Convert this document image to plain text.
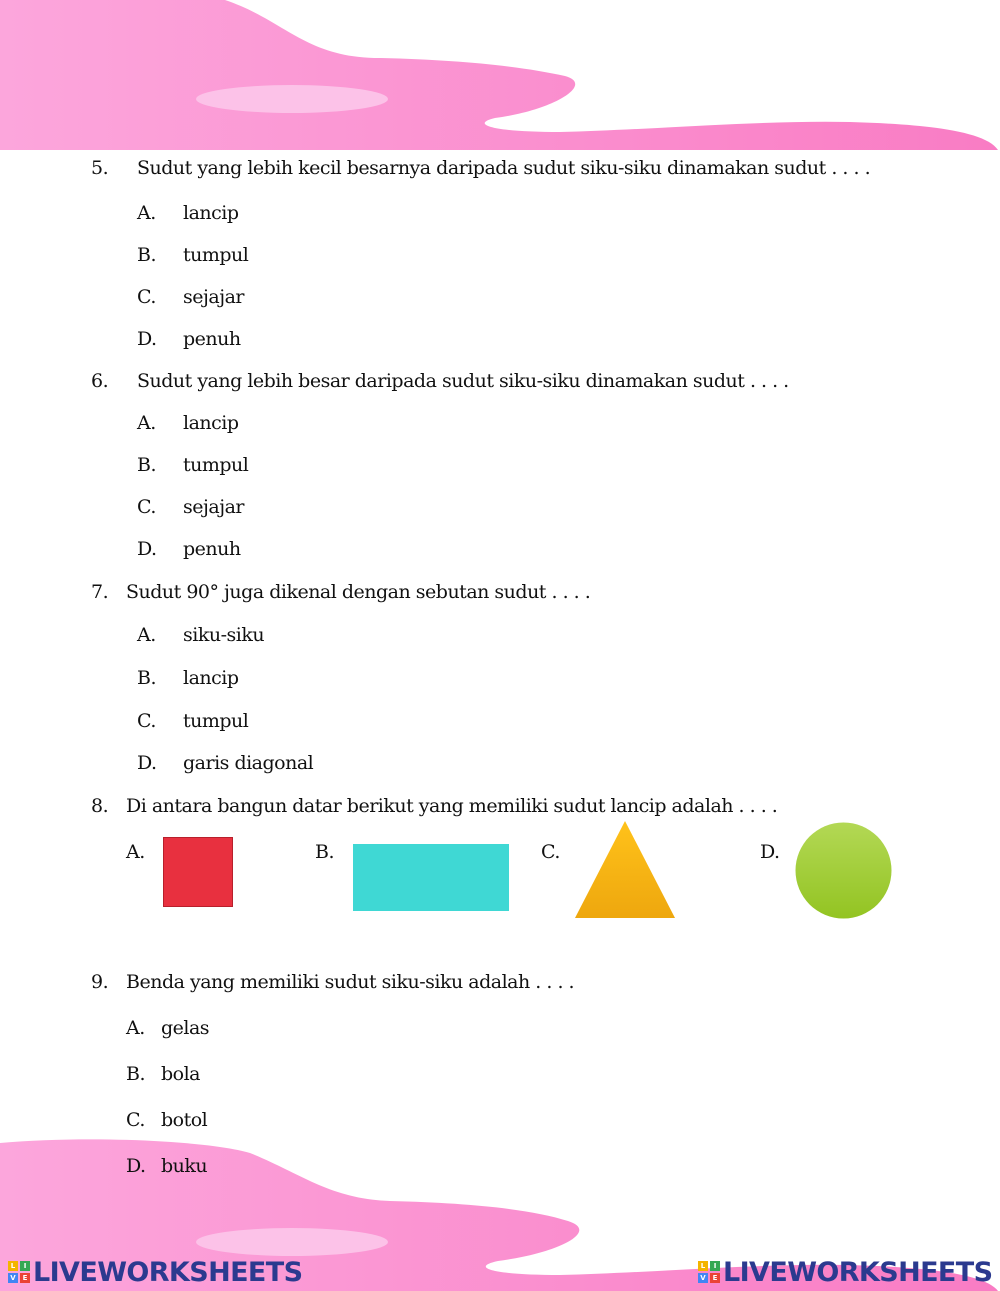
5. Sudut yang lebih kecil besarnya daripada sudut siku-siku dinamakan sudut . . . .
A. lancip
B. tumpul
C. sejajar
D. penuh
6. Sudut yang lebih besar daripada sudut siku-siku dinamakan sudut . . . .
A. lancip
B. tumpul
C. sejajar
D. penuh
7. Sudut 90° juga dikenal dengan sebutan sudut . . . .
A. siku-siku
B. lancip
C. tumpul
D. garis diagonal
8. Di antara bangun datar berikut yang memiliki sudut lancip adalah . . . .
A.	B.	C.	D.
9. Benda yang memiliki sudut siku-siku adalah . . . .
A. gelas
B. bola
C. botol
D. buku
L	I
V E LIVEWORKSHEETS	L	I
V E LIVEWORKSHEETS
